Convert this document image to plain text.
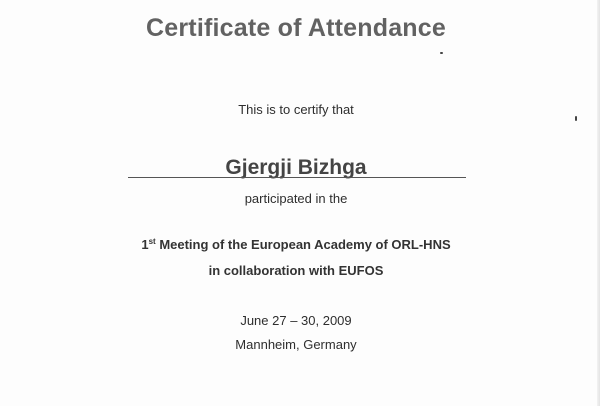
Certificate of Attendance
This is to certify that
Gjergji Bizhga
participated in the
1st Meeting of the European Academy of ORL-HNS
in collaboration with EUFOS
June 27 – 30, 2009
Mannheim, Germany
